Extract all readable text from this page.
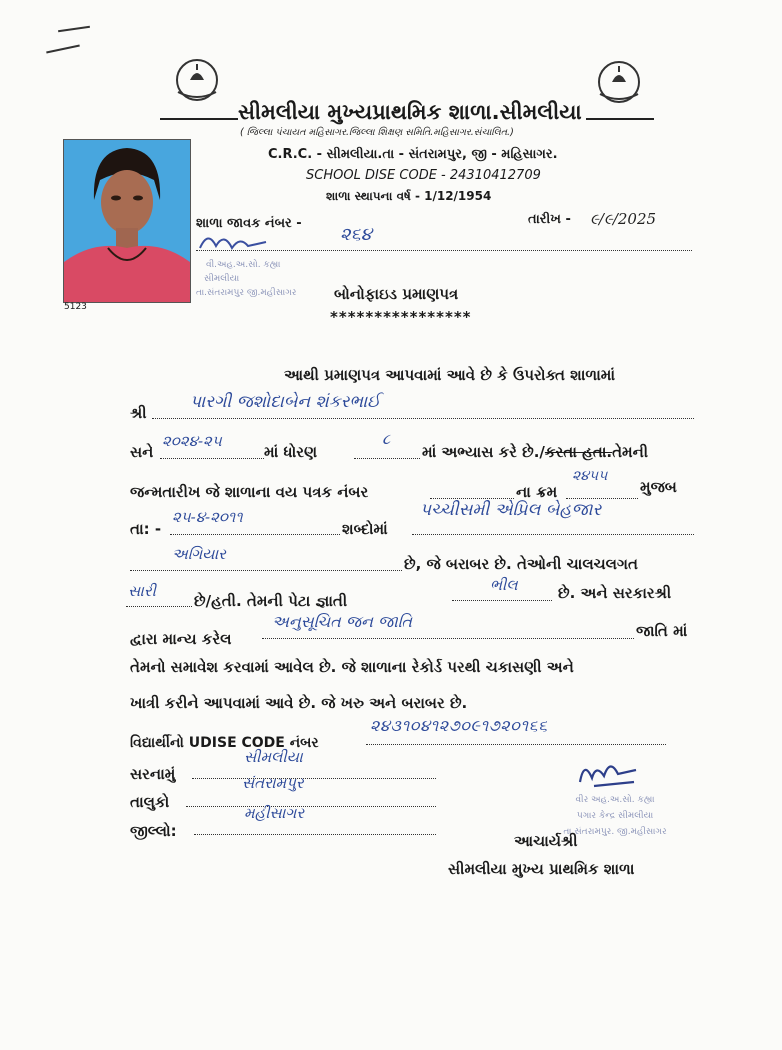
સીમલીયા મુખ્યપ્રાથમિક શાળા.સીમલીયા
( જિલ્લા પંચાયત મહિસાગર.જિલ્લા શિક્ષણ સમિતિ.મહિસાગર.સંચાલિત.)
C.R.C. - સીમલીયા.તા - સંતરામપુર, જી - મહિસાગર.
SCHOOL DISE CODE - 24310412709
શાળા સ્થાપના વર્ષ - 1/12/1954
5123
શાળા જાવક નંબર -
૨૬૪
તારીખ - ૯/૯/2025
વી.અહ.અ.સો. કહ્યા
સીમલીયા
તા.સંતરામપુર જી.મહીસાગર	બોનોફાઇડ પ્રમાણપત્ર
****************
આથી પ્રમાણપત્ર આપવામાં આવે છે કે ઉપરોક્ત શાળામાં
શ્રી
પારગી જશોદાબેન શંકરભાઈ
સને
૨૦૨૪-૨૫
માં ધોરણ
૮
માં અભ્યાસ કરે છે./કરતા હતા.તેમની
જન્મતારીખ જે શાળાના વય પત્રક નંબર	ના ક્રમ
૨૪૫૫
મુજબ
તા: -
૨૫-૪-૨૦૧૧
શબ્દોમાં
પચ્ચીસમી એપ્રિલ બેહજાર
અગિયાર
છે, જે બરાબર છે. તેઓની ચાલચલગત
સારી
છે/હતી. તેમની પેટા જ્ઞાતી
ભીલ	છે. અને સરકારશ્રી
દ્વારા માન્ય કરેલ
અનુસૂચિત જન જાતિ	જાતિ માં
તેમનો સમાવેશ કરવામાં આવેલ છે. જે શાળાના રેકોર્ડ પરથી ચકાસણી અને
ખાત્રી કરીને આપવામાં આવે છે. જે ખરુ અને બરાબર છે.
વિદ્યાર્થીનો UDISE CODE નંબર
૨૪૩૧૦૪૧૨૭૦૯૧૭૨૦૧૬૬
સરનામું
સીમલીયા
તાલુકો
સંતરામપુર
જીલ્લો:
મહીસાગર
વીર અહ.અ.સો. કહ્યા
પગાર કેન્દ્ર સીમલીયા
તા.સંતરામપુર. જી.મહીસાગર
આચાર્યશ્રી
સીમલીયા મુખ્ય પ્રાથમિક શાળા
